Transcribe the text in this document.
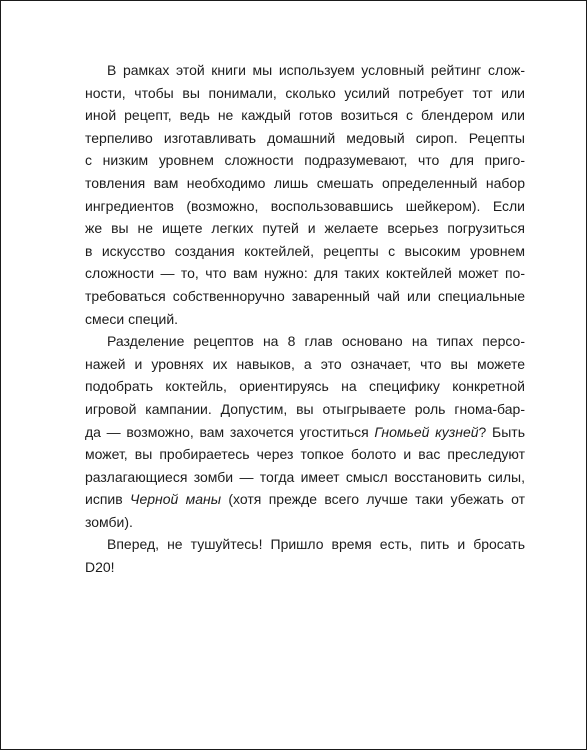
В рамках этой книги мы используем условный рейтинг слож-
ности, чтобы вы понимали, сколько усилий потребует тот или
иной рецепт, ведь не каждый готов возиться с блендером или
терпеливо изготавливать домашний медовый сироп. Рецепты
с низким уровнем сложности подразумевают, что для приго-
товления вам необходимо лишь смешать определенный набор
ингредиентов (возможно, воспользовавшись шейкером). Если
же вы не ищете легких путей и желаете всерьез погрузиться
в искусство создания коктейлей, рецепты с высоким уровнем
сложности — то, что вам нужно: для таких коктейлей может по-
требоваться собственноручно заваренный чай или специальные
смеси специй.

Разделение рецептов на 8 глав основано на типах персо-
нажей и уровнях их навыков, а это означает, что вы можете
подобрать коктейль, ориентируясь на специфику конкретной
игровой кампании. Допустим, вы отыгрываете роль гнома-бар-
да — возможно, вам захочется угоститься Гномьей кузней? Быть
может, вы пробираетесь через топкое болото и вас преследуют
разлагающиеся зомби — тогда имеет смысл восстановить силы,
испив Черной маны (хотя прежде всего лучше таки убежать от
зомби).

Вперед, не тушуйтесь! Пришло время есть, пить и бросать
D20!
